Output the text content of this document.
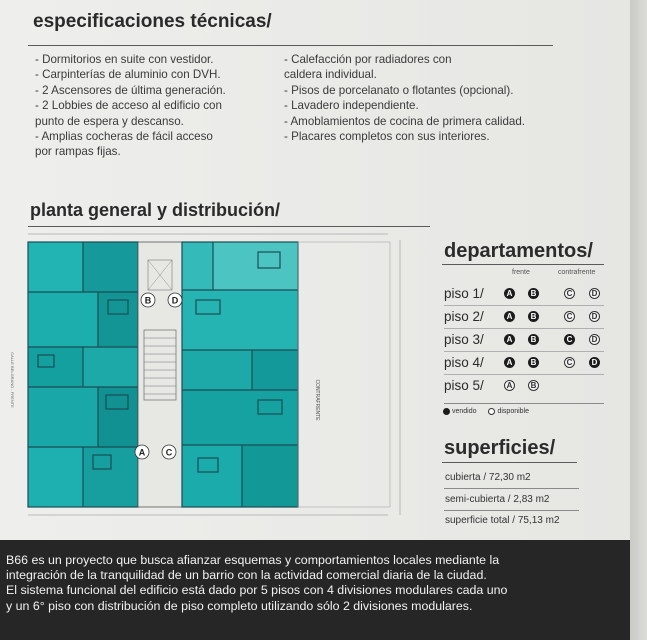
especificaciones técnicas/
- Dormitorios en suite con vestidor.
- Carpinterías de aluminio con DVH.
- 2 Ascensores de última generación.
- 2 Lobbies de acceso al edificio con
punto de espera y descanso.
- Amplias cocheras de fácil acceso
por rampas fijas.
- Calefacción por radiadores con
caldera individual.
- Pisos de porcelanato o flotantes (opcional).
- Lavadero independiente.
- Amoblamientos de cocina de primera calidad.
- Placares completos con sus interiores.
planta general y distribución/
B D
A C
CONTRAFRENTE
CALLE BELGRANO - FRENTE
departamentos/
frente	contrafrente
piso 1/	A	B	C	D
piso 2/	A	B	C	D
piso 3/	A	B	C	D
piso 4/	A	B	C	D
piso 5/	A	B
vendido	disponible
superficies/
cubierta / 72,30 m2
semi-cubierta / 2,83 m2
superficie total / 75,13 m2
B66 es un proyecto que busca afianzar esquemas y comportamientos locales mediante la
integración de la tranquilidad de un barrio con la actividad comercial diaria de la ciudad.
El sistema funcional del edificio está dado por 5 pisos con 4 divisiones modulares cada uno
y un 6° piso con distribución de piso completo utilizando sólo 2 divisiones modulares.
